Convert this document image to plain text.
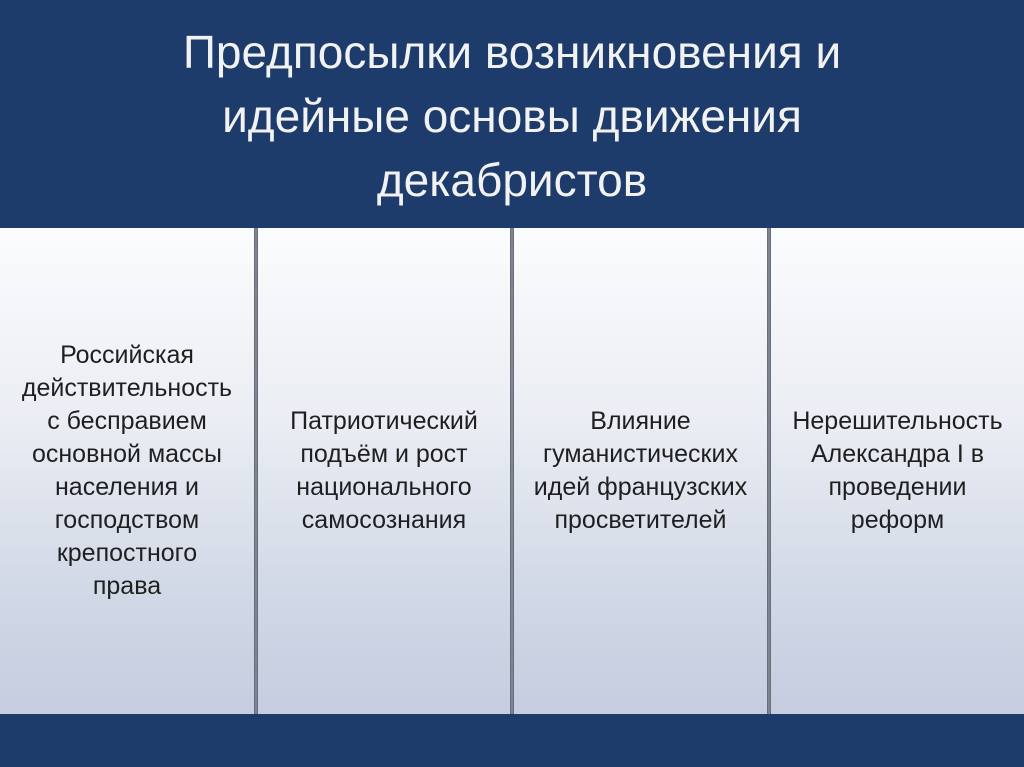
Предпосылки возникновения и
идейные основы движения
декабристов
Российская
действительность
с бесправием
основной массы
населения и
господством
крепостного
права
Патриотический
подъём и рост
национального
самосознания
Влияние
гуманистических
идей французских
просветителей
Нерешительность
Александра I в
проведении
реформ
